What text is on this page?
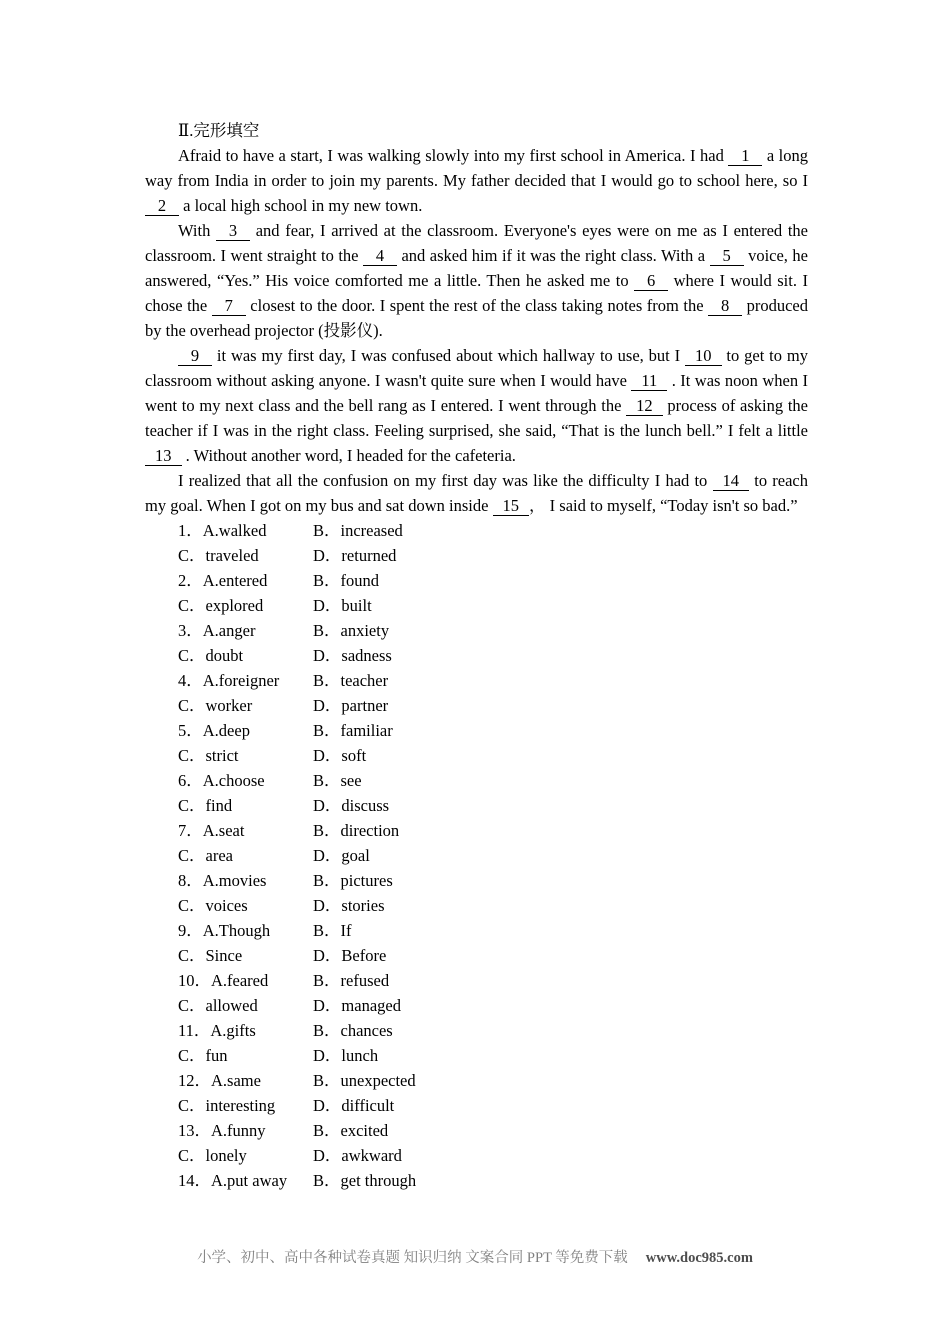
Ⅱ.完形填空

Afraid to have a start, I was walking slowly into my first school in America. I had 1 a long way from India in order to join my parents. My father decided that I would go to school here, so I 2 a local high school in my new town.

With 3 and fear, I arrived at the classroom. Everyone's eyes were on me as I entered the classroom. I went straight to the 4 and asked him if it was the right class. With a 5 voice, he answered, “Yes.” His voice comforted me a little. Then he asked me to 6 where I would sit. I chose the 7 closest to the door. I spent the rest of the class taking notes from the 8 produced by the overhead projector (投影仪).

9 it was my first day, I was confused about which hallway to use, but I 10 to get to my classroom without asking anyone. I wasn't quite sure when I would have 11 . It was noon when I went to my next class and the bell rang as I entered. I went through the 12 process of asking the teacher if I was in the right class. Feeling surprised, she said, “That is the lunch bell.” I felt a little 13 . Without another word, I headed for the cafeteria.

I realized that all the confusion on my first day was like the difficulty I had to 14 to reach my goal. When I got on my bus and sat down inside 15 ， I said to myself, “Today isn't so bad.”

1．A.walked	B．increased

C．traveled	D．returned

2．A.entered	B．found

C．explored	D．built

3．A.anger	B．anxiety

C．doubt	D．sadness

4．A.foreigner B．teacher

C．worker	D．partner

5．A.deep	B．familiar

C．strict	D．soft

6．A.choose	B．see

C．find	D．discuss

7．A.seat	B．direction

C．area	D．goal

8．A.movies	B．pictures

C．voices	D．stories

9．A.Though	B．If

C．Since	D．Before

10．A.feared	B．refused

C．allowed	D．managed

11．A.gifts	B．chances

C．fun	D．lunch

12．A.same	B．unexpected

C．interesting D．difficult

13．A.funny	B．excited

C．lonely	D．awkward

14．A.put away B．get through

小学、初中、高中各种试卷真题 知识归纳 文案合同 PPT 等免费下载 www.doc985.com
